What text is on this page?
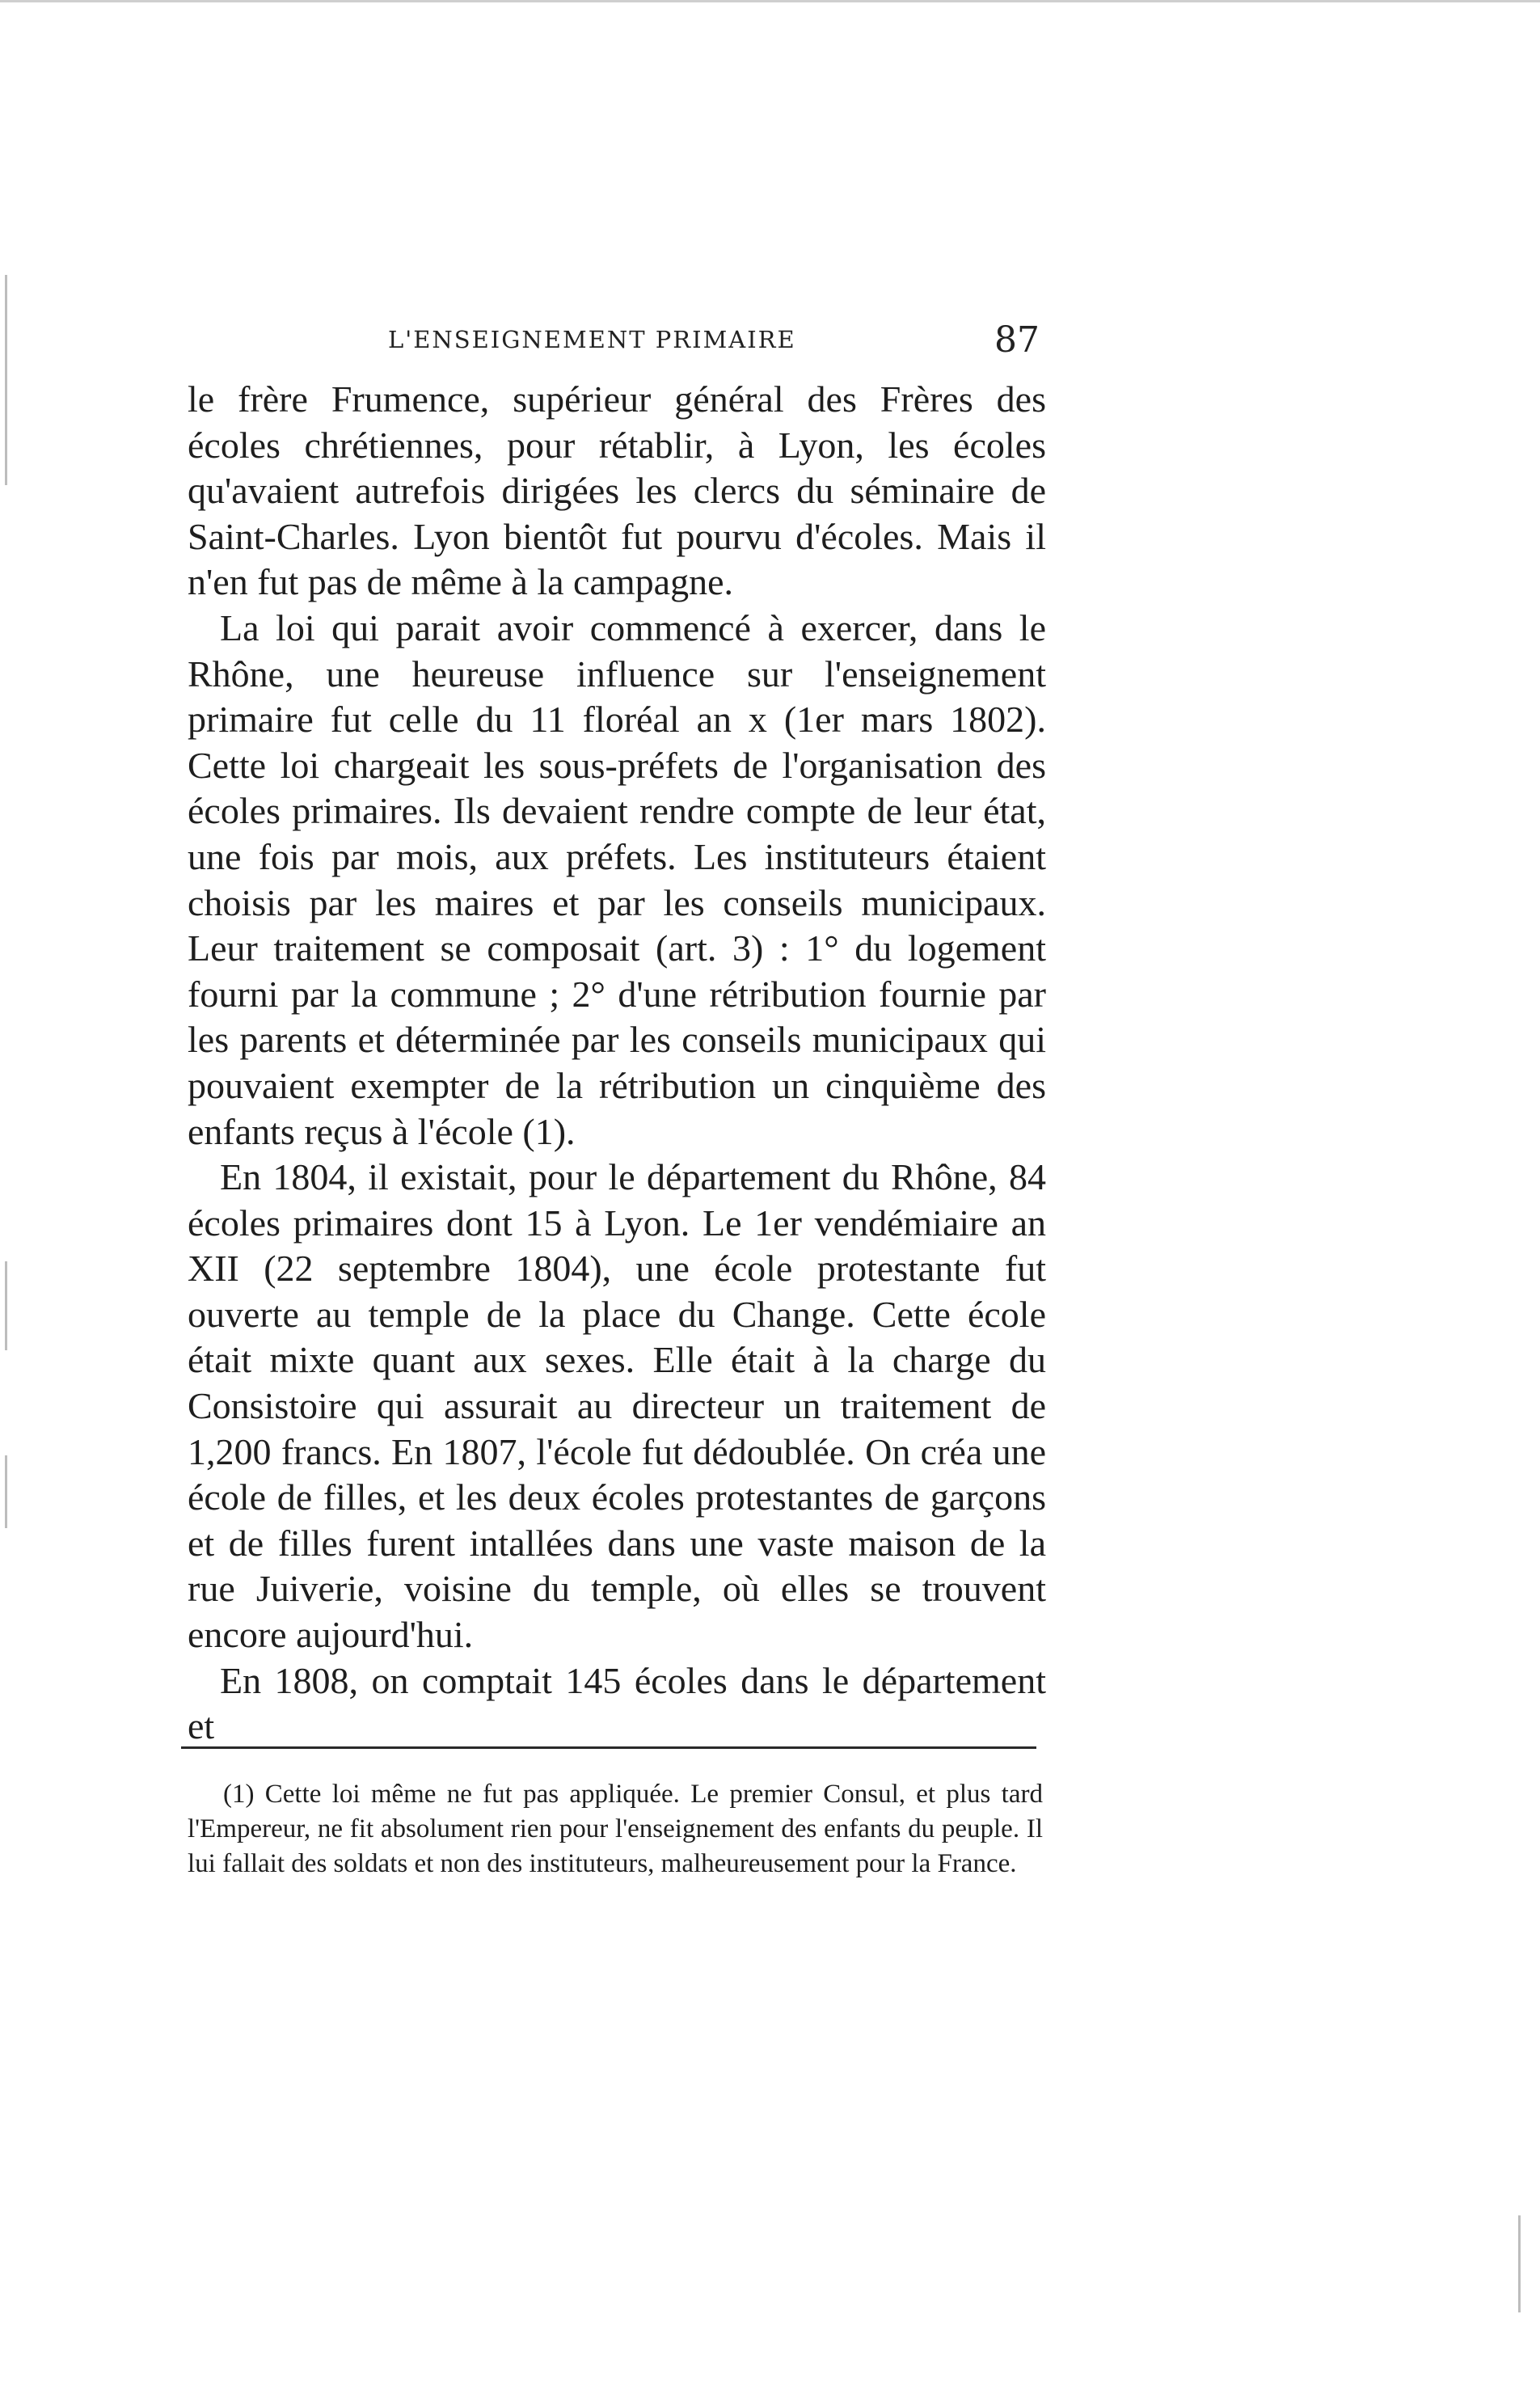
L'ENSEIGNEMENT PRIMAIRE	87

le frère Frumence, supérieur général des Frères des écoles chrétiennes, pour rétablir, à Lyon, les écoles qu'avaient autrefois dirigées les clercs du séminaire de Saint-Charles. Lyon bientôt fut pourvu d'écoles. Mais il n'en fut pas de même à la campagne.

La loi qui parait avoir commencé à exercer, dans le Rhône, une heureuse influence sur l'enseignement primaire fut celle du 11 floréal an x (1er mars 1802). Cette loi chargeait les sous-préfets de l'organisation des écoles primaires. Ils devaient rendre compte de leur état, une fois par mois, aux préfets. Les instituteurs étaient choisis par les maires et par les conseils municipaux. Leur traitement se composait (art. 3) : 1° du logement fourni par la commune ; 2° d'une rétribution fournie par les parents et déterminée par les conseils municipaux qui pouvaient exempter de la rétribution un cinquième des enfants reçus à l'école (1).

En 1804, il existait, pour le département du Rhône, 84 écoles primaires dont 15 à Lyon. Le 1er vendémiaire an XII (22 septembre 1804), une école protestante fut ouverte au temple de la place du Change. Cette école était mixte quant aux sexes. Elle était à la charge du Consistoire qui assurait au directeur un traitement de 1,200 francs. En 1807, l'école fut dédoublée. On créa une école de filles, et les deux écoles protestantes de garçons et de filles furent intallées dans une vaste maison de la rue Juiverie, voisine du temple, où elles se trouvent encore aujourd'hui.

En 1808, on comptait 145 écoles dans le département et

(1) Cette loi même ne fut pas appliquée. Le premier Consul, et plus tard l'Empereur, ne fit absolument rien pour l'enseignement des enfants du peuple. Il lui fallait des soldats et non des instituteurs, malheureusement pour la France.
